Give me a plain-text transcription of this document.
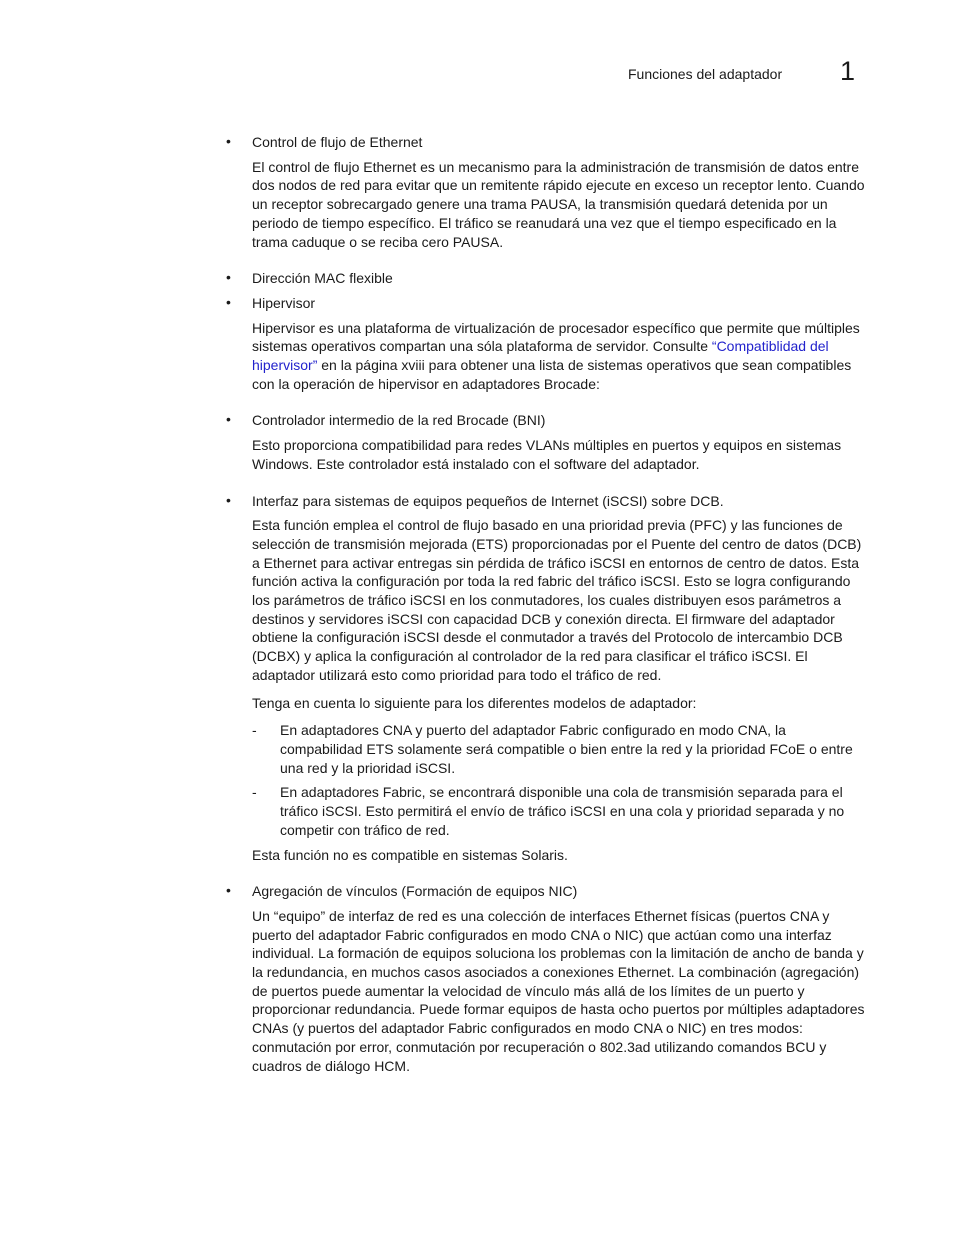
Funciones del adaptador 1
• Control de flujo de Ethernet

El control de flujo Ethernet es un mecanismo para la administración de transmisión de datos entre dos nodos de red para evitar que un remitente rápido ejecute en exceso un receptor lento. Cuando un receptor sobrecargado genere una trama PAUSA, la transmisión quedará detenida por un periodo de tiempo específico. El tráfico se reanudará una vez que el tiempo especificado en la trama caduque o se reciba cero PAUSA.

• Dirección MAC flexible
• Hipervisor

Hipervisor es una plataforma de virtualización de procesador específico que permite que múltiples sistemas operativos compartan una sóla plataforma de servidor. Consulte “Compatiblidad del hipervisor” en la página xviii para obtener una lista de sistemas operativos que sean compatibles con la operación de hipervisor en adaptadores Brocade:

• Controlador intermedio de la red Brocade (BNI)

Esto proporciona compatibilidad para redes VLANs múltiples en puertos y equipos en sistemas Windows. Este controlador está instalado con el software del adaptador.

• Interfaz para sistemas de equipos pequeños de Internet (iSCSI) sobre DCB.

Esta función emplea el control de flujo basado en una prioridad previa (PFC) y las funciones de selección de transmisión mejorada (ETS) proporcionadas por el Puente del centro de datos (DCB) a Ethernet para activar entregas sin pérdida de tráfico iSCSI en entornos de centro de datos. Esta función activa la configuración por toda la red fabric del tráfico iSCSI. Esto se logra configurando los parámetros de tráfico iSCSI en los conmutadores, los cuales distribuyen esos parámetros a destinos y servidores iSCSI con capacidad DCB y conexión directa. El firmware del adaptador obtiene la configuración iSCSI desde el conmutador a través del Protocolo de intercambio DCB (DCBX) y aplica la configuración al controlador de la red para clasificar el tráfico iSCSI. El adaptador utilizará esto como prioridad para todo el tráfico de red.

Tenga en cuenta lo siguiente para los diferentes modelos de adaptador:

- En adaptadores CNA y puerto del adaptador Fabric configurado en modo CNA, la compabilidad ETS solamente será compatible o bien entre la red y la prioridad FCoE o entre una red y la prioridad iSCSI.
- En adaptadores Fabric, se encontrará disponible una cola de transmisión separada para el tráfico iSCSI. Esto permitirá el envío de tráfico iSCSI en una cola y prioridad separada y no competir con tráfico de red.

Esta función no es compatible en sistemas Solaris.

• Agregación de vínculos (Formación de equipos NIC)

Un “equipo” de interfaz de red es una colección de interfaces Ethernet físicas (puertos CNA y puerto del adaptador Fabric configurados en modo CNA o NIC) que actúan como una interfaz individual. La formación de equipos soluciona los problemas con la limitación de ancho de banda y la redundancia, en muchos casos asociados a conexiones Ethernet. La combinación (agregación) de puertos puede aumentar la velocidad de vínculo más allá de los límites de un puerto y proporcionar redundancia. Puede formar equipos de hasta ocho puertos por múltiples adaptadores CNAs (y puertos del adaptador Fabric configurados en modo CNA o NIC) en tres modos: conmutación por error, conmutación por recuperación o 802.3ad utilizando comandos BCU y cuadros de diálogo HCM.
